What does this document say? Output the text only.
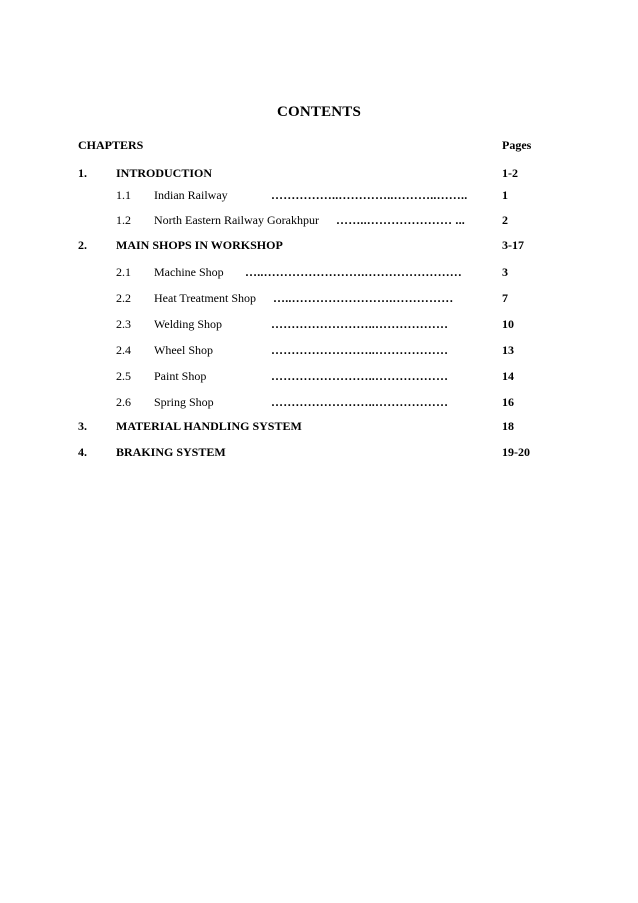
CONTENTS
CHAPTERS	Pages
1. INTRODUCTION	1-2
1.1 Indian Railway	……………..…………..………..……..	1
1.2 North Eastern Railway Gorakhpur ……..………………… ...	2
2. MAIN SHOPS IN WORKSHOP	3-17
2.1 Machine Shop …..…………………….……………………	3
2.2 Heat Treatment Shop …..…………………….……………	7
2.3 Welding Shop	……………………..………………	10
2.4 Wheel Shop	……………………..………………	13
2.5 Paint Shop	……………………..………………	14
2.6 Spring Shop	……………………..………………	16
3. MATERIAL HANDLING SYSTEM	18
4. BRAKING SYSTEM	19-20
